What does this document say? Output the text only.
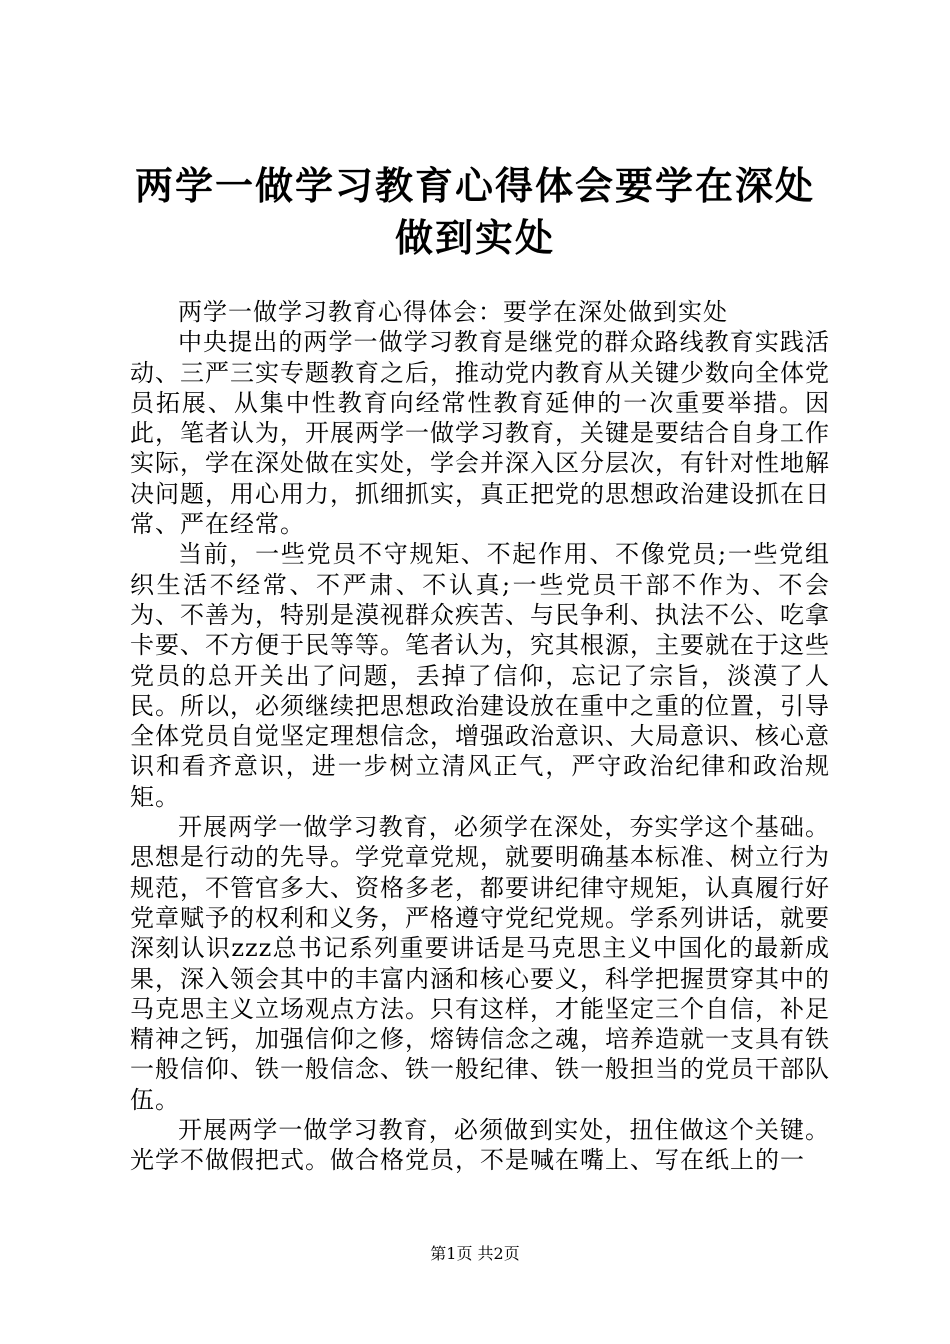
两学一做学习教育心得体会要学在深处做到实处

两学一做学习教育心得体会：要学在深处做到实处

中央提出的两学一做学习教育是继党的群众路线教育实践活动、三严三实专题教育之后，推动党内教育从关键少数向全体党员拓展、从集中性教育向经常性教育延伸的一次重要举措。因此，笔者认为，开展两学一做学习教育，关键是要结合自身工作实际，学在深处做在实处，学会并深入区分层次，有针对性地解决问题，用心用力，抓细抓实，真正把党的思想政治建设抓在日常、严在经常。

当前，一些党员不守规矩、不起作用、不像党员;一些党组织生活不经常、不严肃、不认真;一些党员干部不作为、不会为、不善为，特别是漠视群众疾苦、与民争利、执法不公、吃拿卡要、不方便于民等等。笔者认为，究其根源，主要就在于这些党员的总开关出了问题，丢掉了信仰，忘记了宗旨，淡漠了人民。所以，必须继续把思想政治建设放在重中之重的位置，引导全体党员自觉坚定理想信念，增强政治意识、大局意识、核心意识和看齐意识，进一步树立清风正气，严守政治纪律和政治规矩。

开展两学一做学习教育，必须学在深处，夯实学这个基础。思想是行动的先导。学党章党规，就要明确基本标准、树立行为规范，不管官多大、资格多老，都要讲纪律守规矩，认真履行好党章赋予的权利和义务，严格遵守党纪党规。学系列讲话，就要深刻认识zzz总书记系列重要讲话是马克思主义中国化的最新成果，深入领会其中的丰富内涵和核心要义，科学把握贯穿其中的马克思主义立场观点方法。只有这样，才能坚定三个自信，补足精神之钙，加强信仰之修，熔铸信念之魂，培养造就一支具有铁一般信仰、铁一般信念、铁一般纪律、铁一般担当的党员干部队伍。

开展两学一做学习教育，必须做到实处，扭住做这个关键。光学不做假把式。做合格党员，不是喊在嘴上、写在纸上的一

第1页 共2页
